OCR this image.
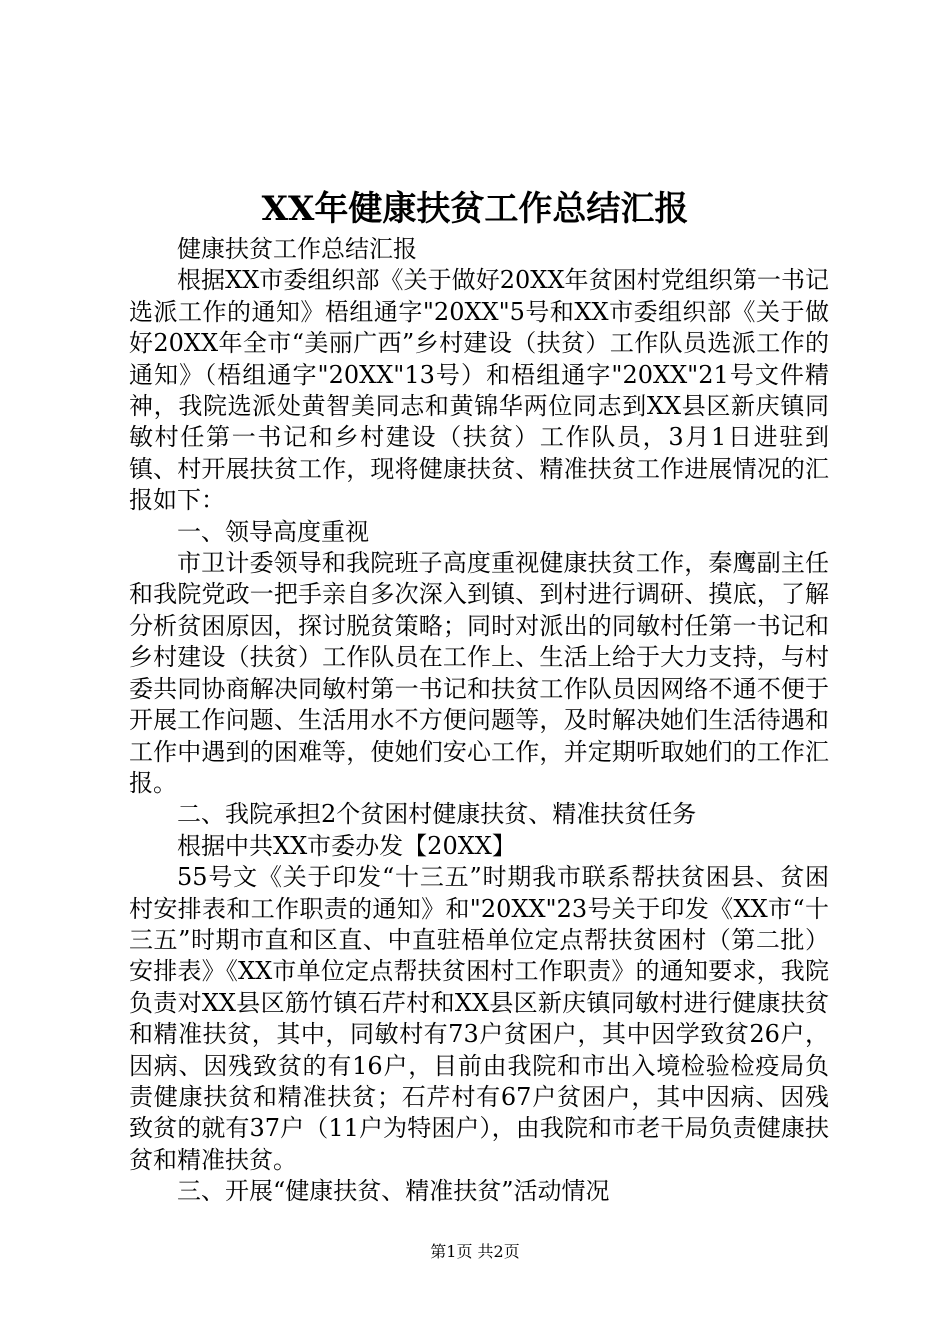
XX年健康扶贫工作总结汇报

健康扶贫工作总结汇报

根据XX市委组织部《关于做好20XX年贫困村党组织第一书记选派工作的通知》梧组通字"20XX"5号和XX市委组织部《关于做好20XX年全市“美丽广西”乡村建设（扶贫）工作队员选派工作的通知》（梧组通字"20XX"13号）和梧组通字"20XX"21号文件精神，我院选派处黄智美同志和黄锦华两位同志到XX县区新庆镇同敏村任第一书记和乡村建设（扶贫）工作队员，3月1日进驻到镇、村开展扶贫工作，现将健康扶贫、精准扶贫工作进展情况的汇报如下：

一、领导高度重视

市卫计委领导和我院班子高度重视健康扶贫工作，秦鹰副主任和我院党政一把手亲自多次深入到镇、到村进行调研、摸底，了解分析贫困原因，探讨脱贫策略；同时对派出的同敏村任第一书记和乡村建设（扶贫）工作队员在工作上、生活上给于大力支持，与村委共同协商解决同敏村第一书记和扶贫工作队员因网络不通不便于开展工作问题、生活用水不方便问题等，及时解决她们生活待遇和工作中遇到的困难等，使她们安心工作，并定期听取她们的工作汇报。

二、我院承担2个贫困村健康扶贫、精准扶贫任务

根据中共XX市委办发【20XX】

55号文《关于印发“十三五”时期我市联系帮扶贫困县、贫困村安排表和工作职责的通知》和"20XX"23号关于印发《XX市“十三五”时期市直和区直、中直驻梧单位定点帮扶贫困村（第二批）安排表》《XX市单位定点帮扶贫困村工作职责》的通知要求，我院负责对XX县区筋竹镇石芹村和XX县区新庆镇同敏村进行健康扶贫和精准扶贫，其中，同敏村有73户贫困户，其中因学致贫26户，因病、因残致贫的有16户，目前由我院和市出入境检验检疫局负责健康扶贫和精准扶贫；石芹村有67户贫困户，其中因病、因残致贫的就有37户（11户为特困户），由我院和市老干局负责健康扶贫和精准扶贫。

三、开展“健康扶贫、精准扶贫”活动情况

第1页 共2页
